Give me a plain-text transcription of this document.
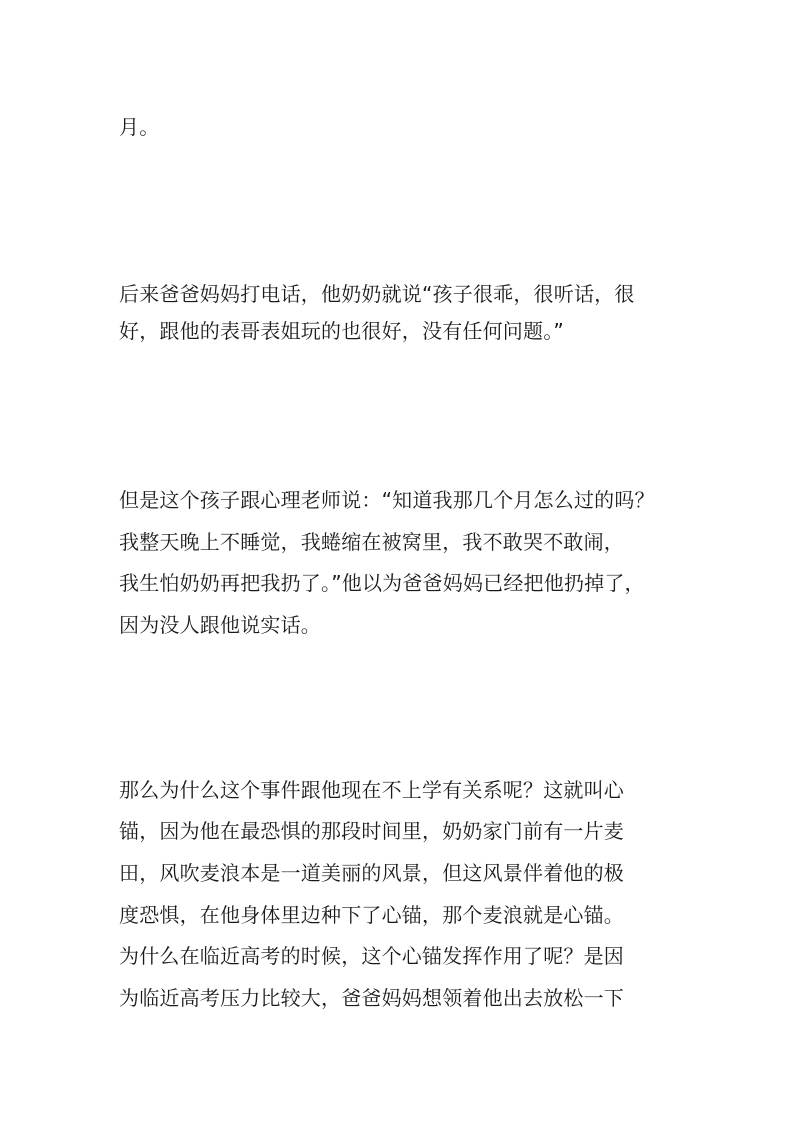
月。
后来爸爸妈妈打电话，他奶奶就说“孩子很乖，很听话，很
好，跟他的表哥表姐玩的也很好，没有任何问题。”
但是这个孩子跟心理老师说：“知道我那几个月怎么过的吗？
我整天晚上不睡觉，我蜷缩在被窝里，我不敢哭不敢闹，
我生怕奶奶再把我扔了。”他以为爸爸妈妈已经把他扔掉了，
因为没人跟他说实话。
那么为什么这个事件跟他现在不上学有关系呢？这就叫心
锚，因为他在最恐惧的那段时间里，奶奶家门前有一片麦
田，风吹麦浪本是一道美丽的风景，但这风景伴着他的极
度恐惧，在他身体里边种下了心锚，那个麦浪就是心锚。
为什么在临近高考的时候，这个心锚发挥作用了呢？是因
为临近高考压力比较大，爸爸妈妈想领着他出去放松一下
